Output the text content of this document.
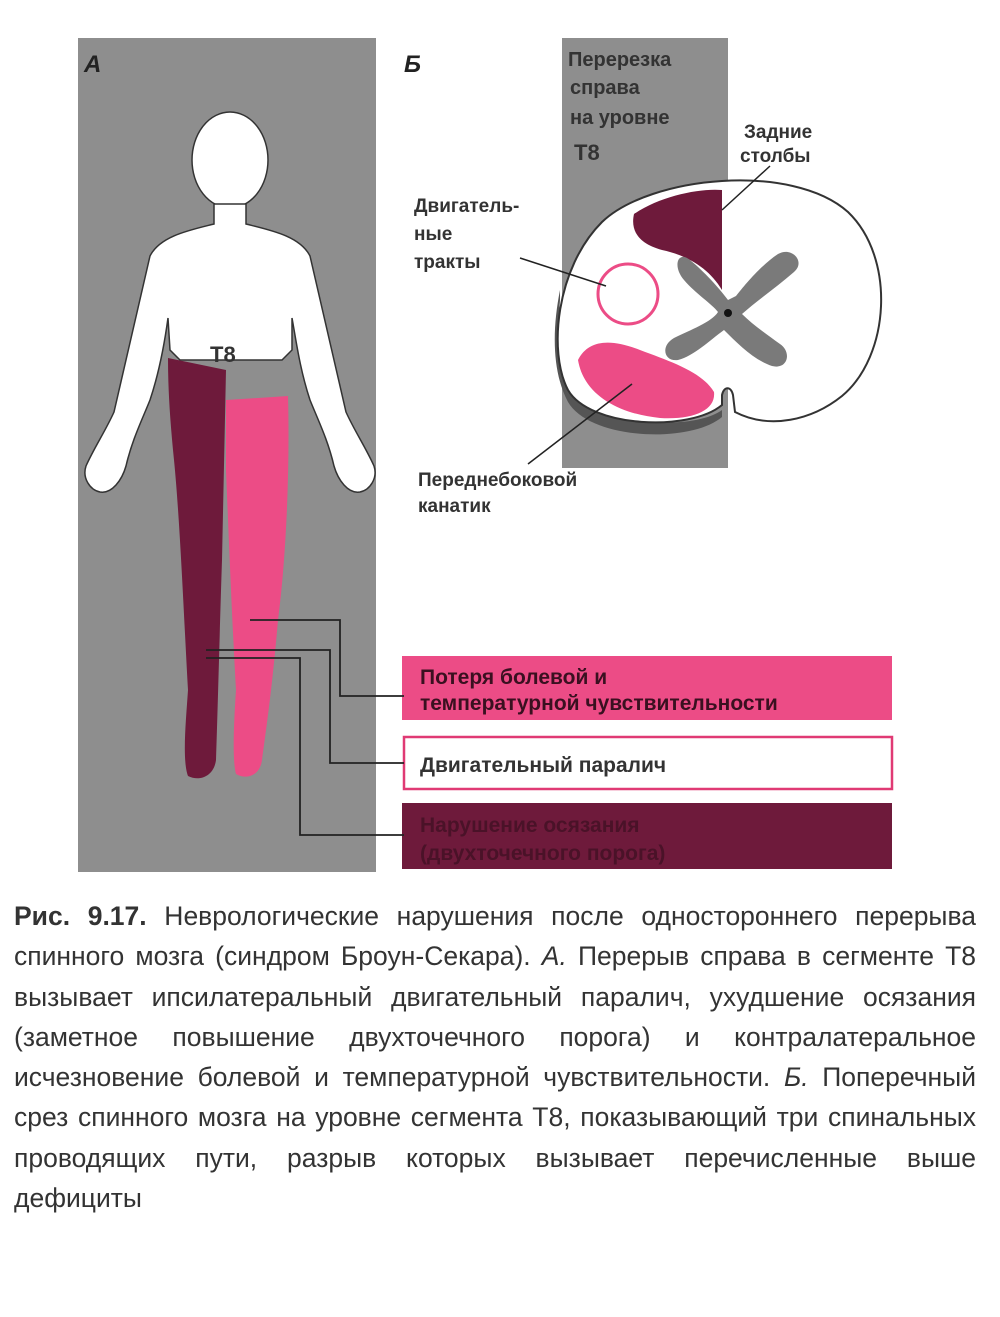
А
Т8
Б	Перерезка справа на уровне Т8
Задние столбы
Двигатель- ные тракты
Переднебоковой канатик
Потеря болевой и температурной чувствительности
Двигательный паралич
Нарушение осязания (двухточечного порога)

Рис. 9.17. Неврологические нарушения после одностороннего перерыва спинного мозга (синдром Броун-Секара). А. Перерыв справа в сегменте Т8 вызывает ипсилатеральный двигательный паралич, ухудшение осязания (заметное повышение двухточечного порога) и контралатеральное исчезновение болевой и температурной чувствительности. Б. Поперечный срез спинного мозга на уровне сегмента Т8, показывающий три спинальных проводящих пути, разрыв которых вызывает перечисленные выше дефициты
